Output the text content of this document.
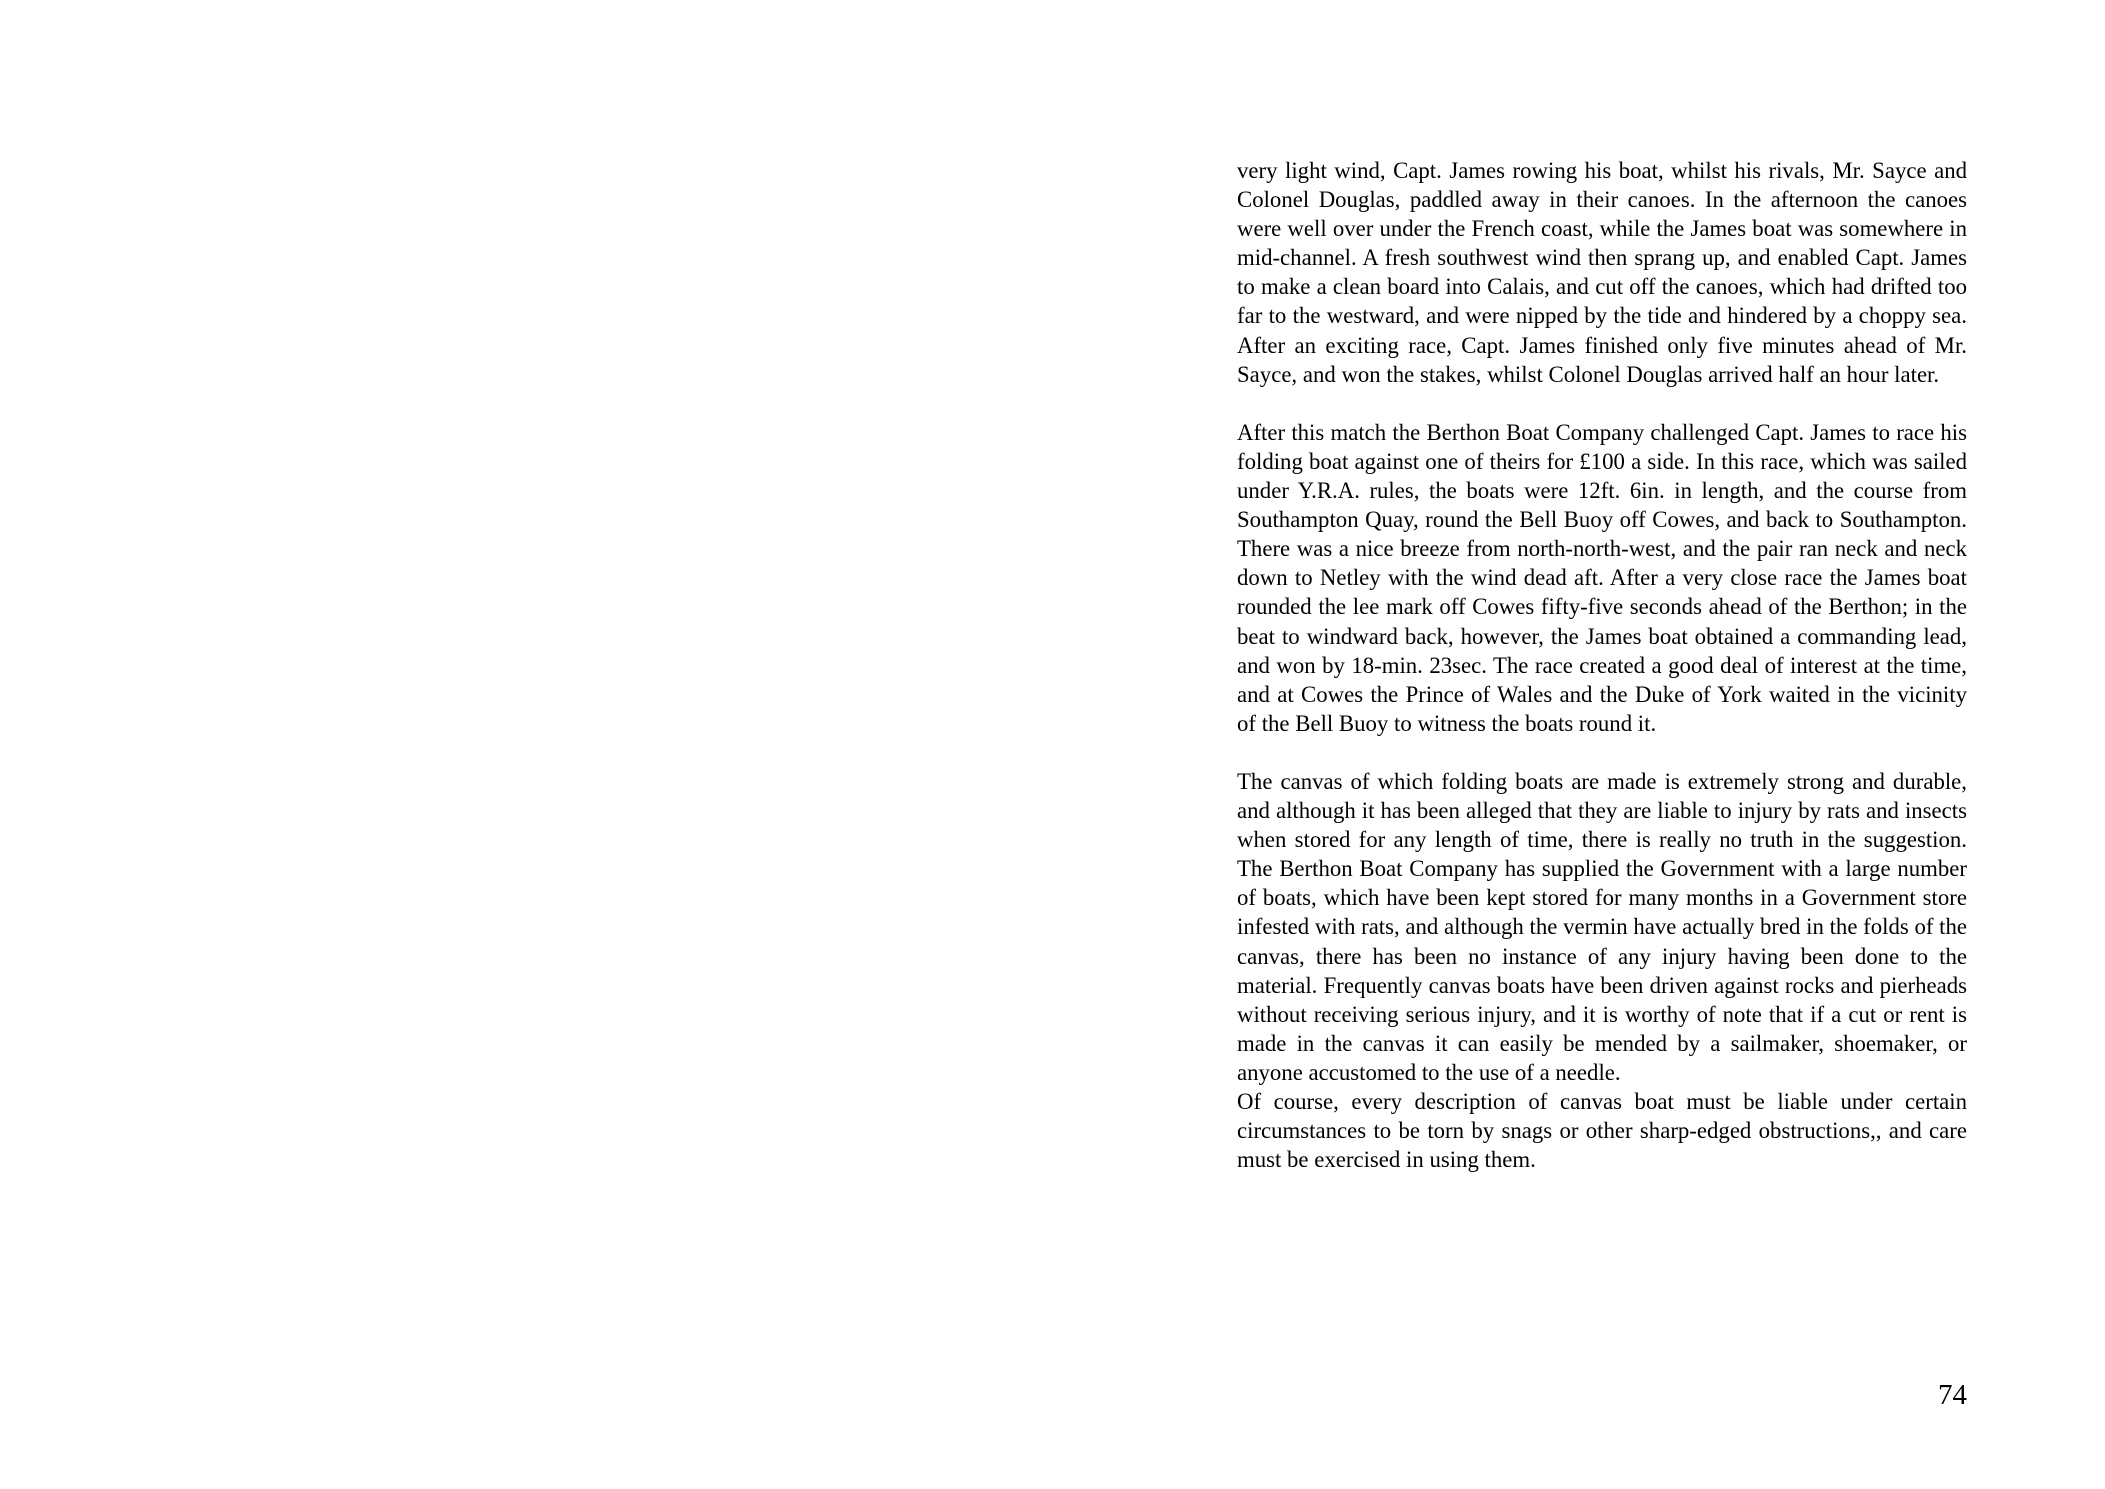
very light wind, Capt. James rowing his boat, whilst his rivals, Mr. Sayce and Colonel Douglas, paddled away in their canoes. In the afternoon the canoes were well over under the French coast, while the James boat was somewhere in mid-channel. A fresh southwest wind then sprang up, and enabled Capt. James to make a clean board into Calais, and cut off the canoes, which had drifted too far to the westward, and were nipped by the tide and hindered by a choppy sea. After an exciting race, Capt. James finished only five minutes ahead of Mr. Sayce, and won the stakes, whilst Colonel Douglas arrived half an hour later.

After this match the Berthon Boat Company challenged Capt. James to race his folding boat against one of theirs for £100 a side. In this race, which was sailed under Y.R.A. rules, the boats were 12ft. 6in. in length, and the course from Southampton Quay, round the Bell Buoy off Cowes, and back to Southampton. There was a nice breeze from north-north-west, and the pair ran neck and neck down to Netley with the wind dead aft. After a very close race the James boat rounded the lee mark off Cowes fifty-five seconds ahead of the Berthon; in the beat to windward back, however, the James boat obtained a commanding lead, and won by 18-min. 23sec. The race created a good deal of interest at the time, and at Cowes the Prince of Wales and the Duke of York waited in the vicinity of the Bell Buoy to witness the boats round it.

The canvas of which folding boats are made is extremely strong and durable, and although it has been alleged that they are liable to injury by rats and insects when stored for any length of time, there is really no truth in the suggestion. The Berthon Boat Company has supplied the Government with a large number of boats, which have been kept stored for many months in a Government store infested with rats, and although the vermin have actually bred in the folds of the canvas, there has been no instance of any injury having been done to the material. Frequently canvas boats have been driven against rocks and pierheads without receiving serious injury, and it is worthy of note that if a cut or rent is made in the canvas it can easily be mended by a sailmaker, shoemaker, or anyone accustomed to the use of a needle.

Of course, every description of canvas boat must be liable under certain circumstances to be torn by snags or other sharp-edged obstructions,, and care must be exercised in using them.

74
